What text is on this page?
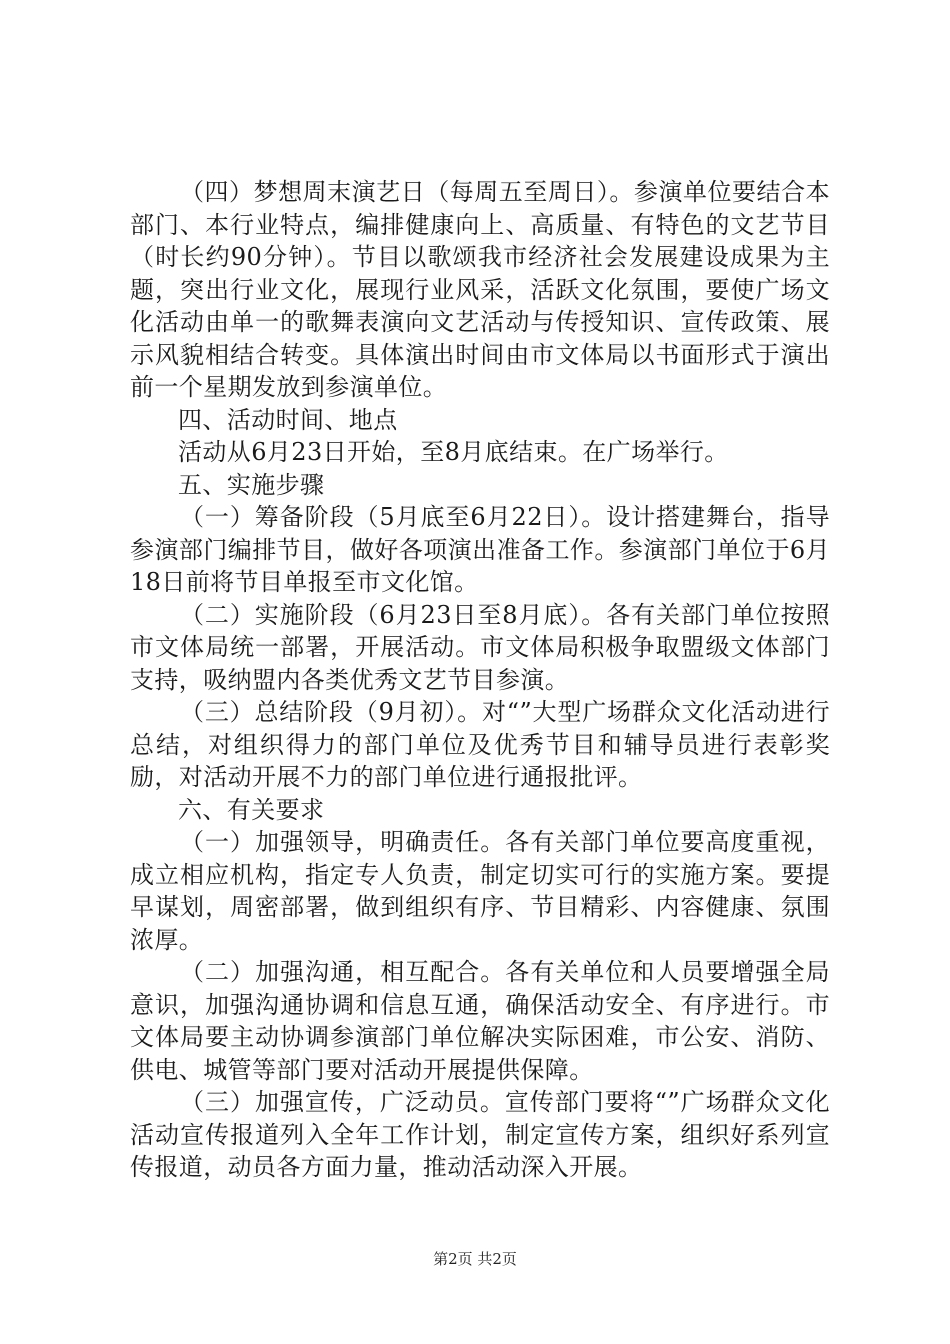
（四）梦想周末演艺日（每周五至周日）。参演单位要结合本部门、本行业特点，编排健康向上、高质量、有特色的文艺节目（时长约90分钟）。节目以歌颂我市经济社会发展建设成果为主题，突出行业文化，展现行业风采，活跃文化氛围，要使广场文化活动由单一的歌舞表演向文艺活动与传授知识、宣传政策、展示风貌相结合转变。具体演出时间由市文体局以书面形式于演出前一个星期发放到参演单位。

四、活动时间、地点

活动从6月23日开始，至8月底结束。在广场举行。

五、实施步骤

（一）筹备阶段（5月底至6月22日）。设计搭建舞台，指导参演部门编排节目，做好各项演出准备工作。参演部门单位于6月18日前将节目单报至市文化馆。

（二）实施阶段（6月23日至8月底）。各有关部门单位按照市文体局统一部署，开展活动。市文体局积极争取盟级文体部门支持，吸纳盟内各类优秀文艺节目参演。

（三）总结阶段（9月初）。对“”大型广场群众文化活动进行总结，对组织得力的部门单位及优秀节目和辅导员进行表彰奖励，对活动开展不力的部门单位进行通报批评。

六、有关要求

（一）加强领导，明确责任。各有关部门单位要高度重视，成立相应机构，指定专人负责，制定切实可行的实施方案。要提早谋划，周密部署，做到组织有序、节目精彩、内容健康、氛围浓厚。

（二）加强沟通，相互配合。各有关单位和人员要增强全局意识，加强沟通协调和信息互通，确保活动安全、有序进行。市文体局要主动协调参演部门单位解决实际困难，市公安、消防、供电、城管等部门要对活动开展提供保障。

（三）加强宣传，广泛动员。宣传部门要将“”广场群众文化活动宣传报道列入全年工作计划，制定宣传方案，组织好系列宣传报道，动员各方面力量，推动活动深入开展。

第2页 共2页
